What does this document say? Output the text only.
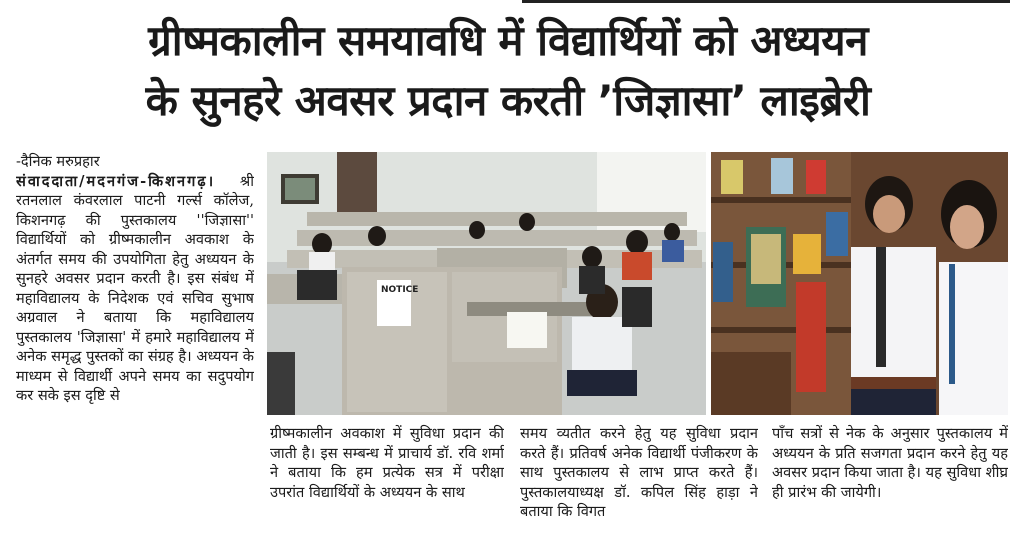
ग्रीष्मकालीन समयावधि में विद्यार्थियों को अध्ययन
के सुनहरे अवसर प्रदान करती ’जिज्ञासा’ लाइब्रेरी
-दैनिक मरुप्रहार
संवाददाता/मदनगंज-किशनगढ़। श्री रतनलाल कंवरलाल पाटनी गर्ल्स कॉलेज, किशनगढ़ की पुस्तकालय ''जिज्ञासा'' विद्यार्थियों को ग्रीष्मकालीन अवकाश के अंतर्गत समय की उपयोगिता हेतु अध्ययन के सुनहरे अवसर प्रदान करती है। इस संबंध में महाविद्यालय के निदेशक एवं सचिव सुभाष अग्रवाल ने बताया कि महाविद्यालय पुस्तकालय 'जिज्ञासा' में हमारे महाविद्यालय में अनेक समृद्ध पुस्तकों का संग्रह है। अध्ययन के माध्यम से विद्यार्थी अपने समय का सदुपयोग कर सके इस दृष्टि से
NOTICE
ग्रीष्मकालीन अवकाश में सुविधा प्रदान की जाती है। इस सम्बन्ध में प्राचार्य डॉ. रवि शर्मा ने बताया कि हम प्रत्येक सत्र में परीक्षा उपरांत विद्यार्थियों के अध्ययन के साथ
समय व्यतीत करने हेतु यह सुविधा प्रदान करते हैं। प्रतिवर्ष अनेक विद्यार्थी पंजीकरण के साथ पुस्तकालय से लाभ प्राप्त करते हैं। पुस्तकालयाध्यक्ष डॉ. कपिल सिंह हाड़ा ने बताया कि विगत
पाँच सत्रों से नेक के अनुसार पुस्तकालय में अध्ययन के प्रति सजगता प्रदान करने हेतु यह अवसर प्रदान किया जाता है। यह सुविधा शीघ्र ही प्रारंभ की जायेगी।
